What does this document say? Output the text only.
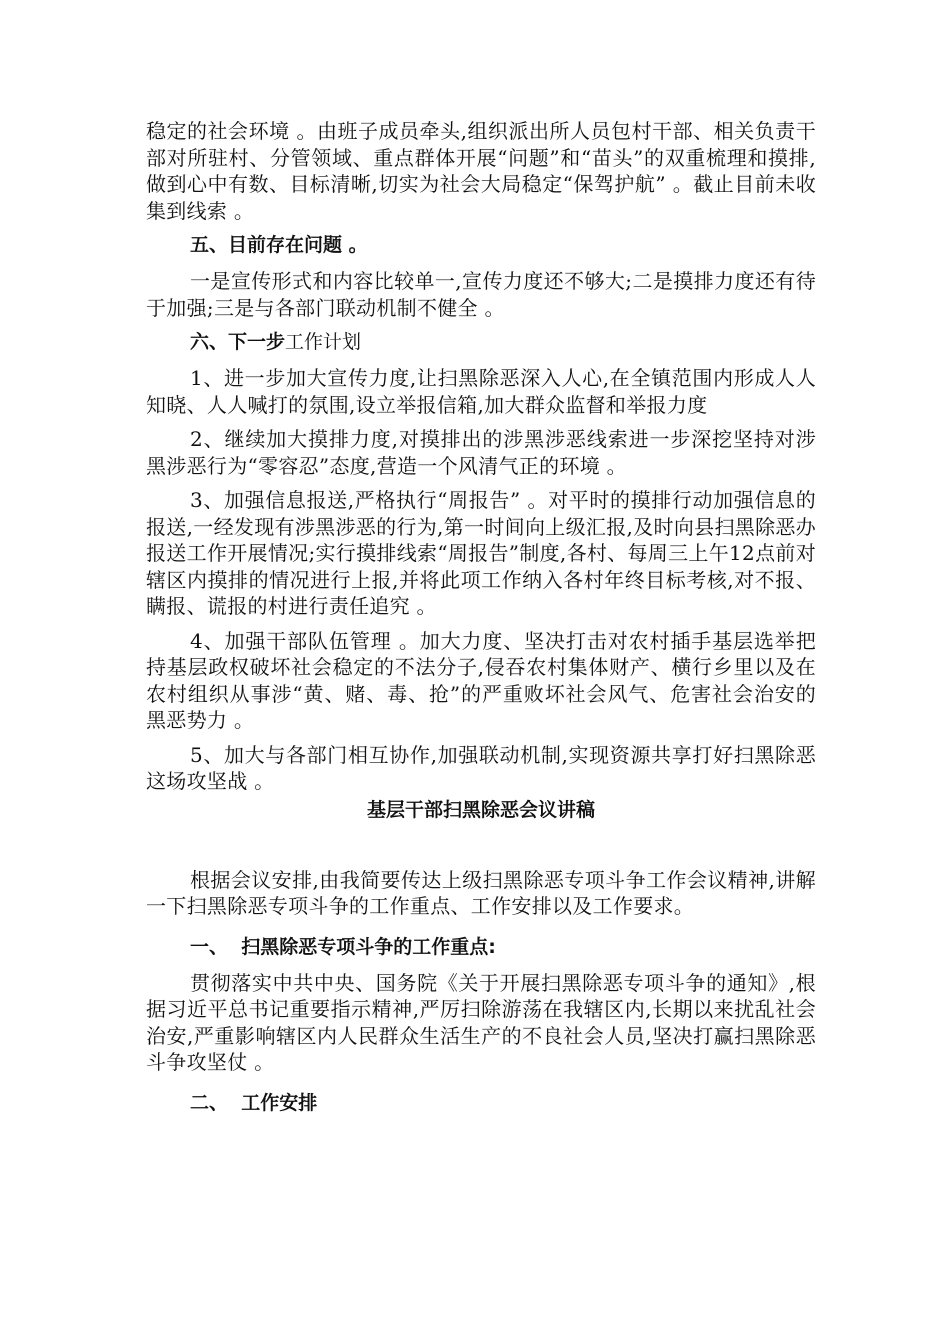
稳定的社会环境 。由班子成员牵头,组织派出所人员包村干部、相关负责干部对所驻村、分管领域、重点群体开展“问题”和“苗头”的双重梳理和摸排,做到心中有数、目标清晰,切实为社会大局稳定“保驾护航” 。截止目前未收集到线索 。

五、目前存在问题 。

一是宣传形式和内容比较单一,宣传力度还不够大;二是摸排力度还有待于加强;三是与各部门联动机制不健全 。

六、下一步工作计划

1、进一步加大宣传力度,让扫黑除恶深入人心,在全镇范围内形成人人知晓、人人喊打的氛围,设立举报信箱,加大群众监督和举报力度

2、继续加大摸排力度,对摸排出的涉黑涉恶线索进一步深挖坚持对涉黑涉恶行为“零容忍”态度,营造一个风清气正的环境 。

3、加强信息报送,严格执行“周报告” 。对平时的摸排行动加强信息的报送,一经发现有涉黑涉恶的行为,第一时间向上级汇报,及时向县扫黑除恶办报送工作开展情况;实行摸排线索“周报告”制度,各村、每周三上午12点前对辖区内摸排的情况进行上报,并将此项工作纳入各村年终目标考核,对不报、瞒报、谎报的村进行责任追究 。

4、加强干部队伍管理 。加大力度、坚决打击对农村插手基层选举把持基层政权破坏社会稳定的不法分子,侵吞农村集体财产、横行乡里以及在农村组织从事涉“黄、赌、毒、抢”的严重败坏社会风气、危害社会治安的黑恶势力 。

5、加大与各部门相互协作,加强联动机制,实现资源共享打好扫黑除恶这场攻坚战 。

基层干部扫黑除恶会议讲稿

根据会议安排,由我简要传达上级扫黑除恶专项斗争工作会议精神,讲解一下扫黑除恶专项斗争的工作重点、工作安排以及工作要求。

一、  扫黑除恶专项斗争的工作重点:

贯彻落实中共中央、国务院《关于开展扫黑除恶专项斗争的通知》,根据习近平总书记重要指示精神,严厉扫除游荡在我辖区内,长期以来扰乱社会治安,严重影响辖区内人民群众生活生产的不良社会人员,坚决打赢扫黑除恶斗争攻坚仗 。

二、  工作安排
